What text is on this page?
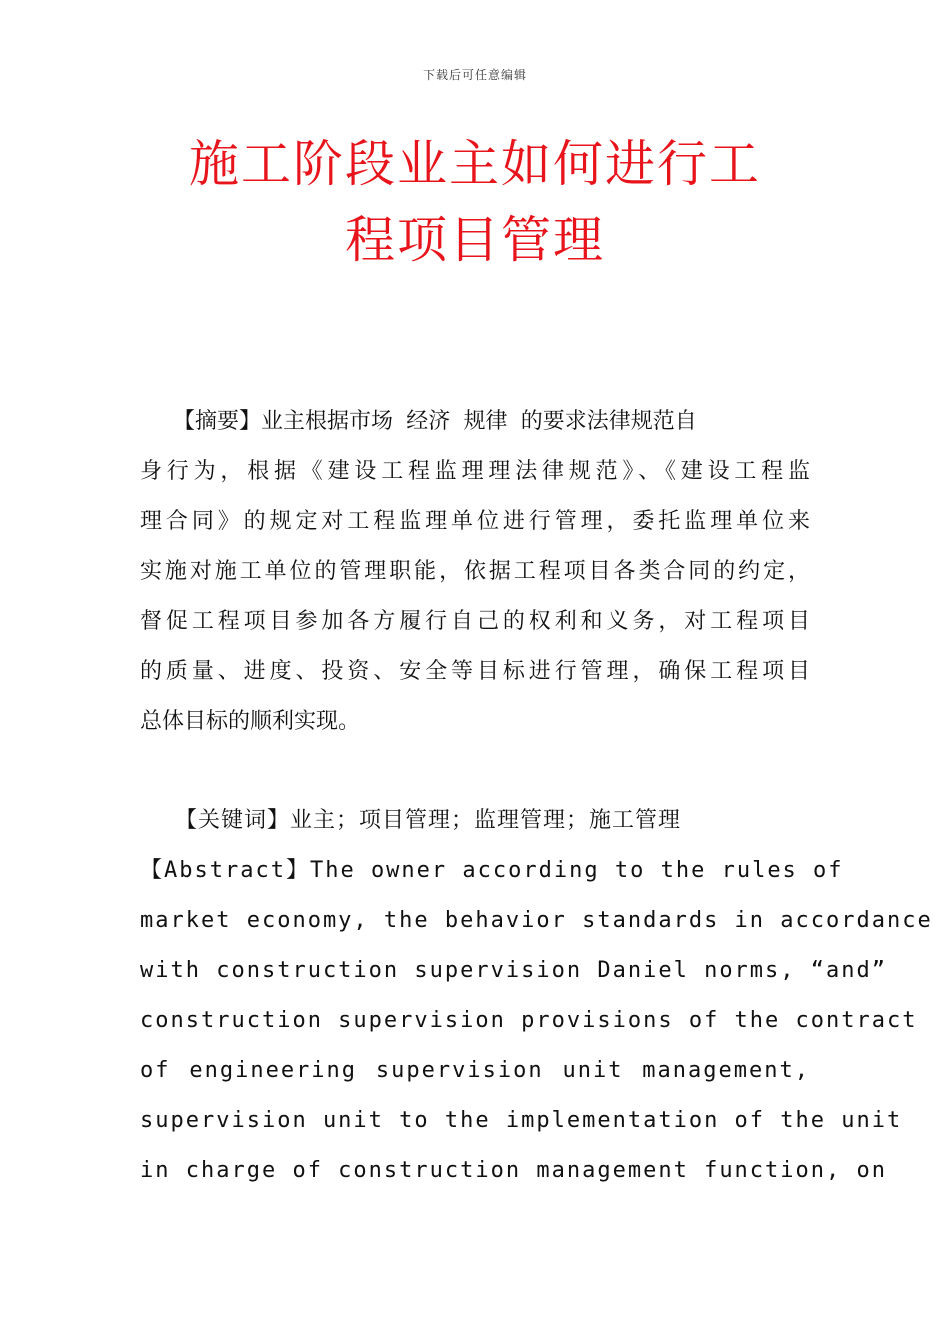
下载后可任意编辑
施工阶段业主如何进行工
程项目管理
　　【摘要】业主根据市场 经济 规律 的要求法律规范自
身行为，根据《建设工程监理理法律规范》、《建设工程监
理合同》的规定对工程监理单位进行管理，委托监理单位来
实施对施工单位的管理职能，依据工程项目各类合同的约定，
督促工程项目参加各方履行自己的权利和义务，对工程项目
的质量、进度、投资、安全等目标进行管理，确保工程项目
总体目标的顺利实现。
　　【关键词】业主；项目管理；监理管理；施工管理
【Abstract】The owner according to the rules of
market economy, the behavior standards in accordance
with construction supervision Daniel norms, “and”
construction supervision provisions of the contract
of engineering supervision unit management,
supervision unit to the implementation of the unit
in charge of construction management function, on
